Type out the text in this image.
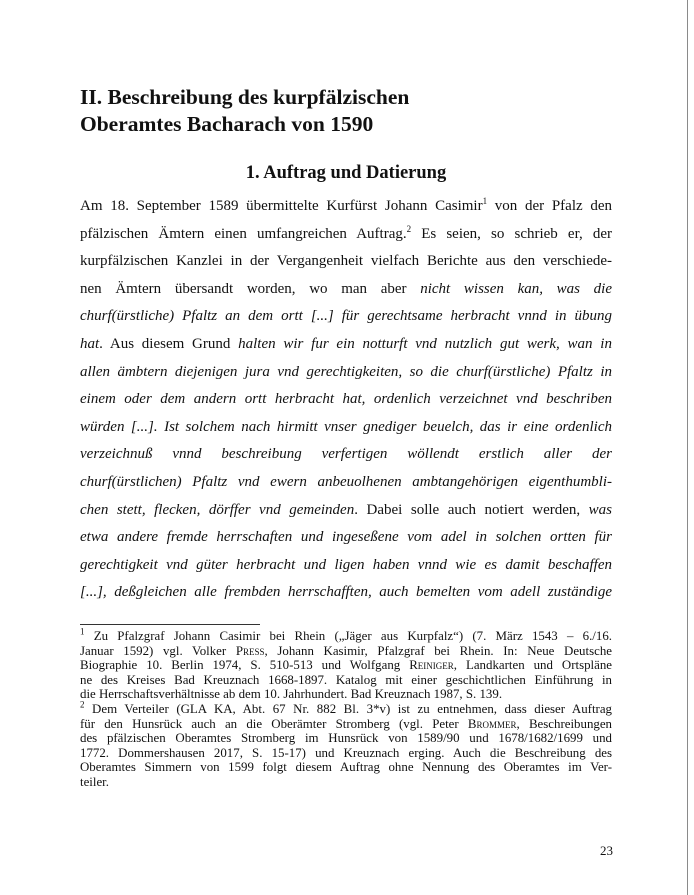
II. Beschreibung des kurpfälzischen
Oberamtes Bacharach von 1590
1. Auftrag und Datierung
Am 18. September 1589 übermittelte Kurfürst Johann Casimir$^1$ von der Pfalz den
pfälzischen Ämtern einen umfangreichen Auftrag.$^2$ Es seien, so schrieb er, der
kurpfälzischen Kanzlei in der Vergangenheit vielfach Berichte aus den verschiede-
nen Ämtern übersandt worden, wo man aber nicht wissen kan, was die
churf(ürstliche) Pfaltz an dem ortt [...] für gerechtsame herbracht vnnd in übung
hat. Aus diesem Grund halten wir fur ein notturft vnd nutzlich gut werk, wan in
allen ämbtern diejenigen jura vnd gerechtigkeiten, so die churf(ürstliche) Pfaltz in
einem oder dem andern ortt herbracht hat, ordenlich verzeichnet vnd beschriben
würden [...]. Ist solchem nach hirmitt vnser gnediger beuelch, das ir eine ordenlich
verzeichnuß vnnd beschreibung verfertigen wöllendt erstlich aller der
churf(ürstlichen) Pfaltz vnd ewern anbeuolhenen ambtangehörigen eigenthumbli-
chen stett, flecken, dörffer vnd gemeinden. Dabei solle auch notiert werden, was
etwa andere fremde herrschaften und ingeseßene vom adel in solchen ortten für
gerechtigkeit vnd güter herbracht und ligen haben vnnd wie es damit beschaffen
[...], deßgleichen alle frembden herrschafften, auch bemelten vom adell zuständige
$^1$ Zu Pfalzgraf Johann Casimir bei Rhein („Jäger aus Kurpfalz“) (7. März 1543 – 6./16.
Januar 1592) vgl. Volker Press, Johann Kasimir, Pfalzgraf bei Rhein. In: Neue Deutsche
Biographie 10. Berlin 1974, S. 510-513 und Wolfgang Reiniger, Landkarten und Ortspläne
ne des Kreises Bad Kreuznach 1668-1897. Katalog mit einer geschichtlichen Einführung in
die Herrschaftsverhältnisse ab dem 10. Jahrhundert. Bad Kreuznach 1987, S. 139.
$^2$ Dem Verteiler (GLA KA, Abt. 67 Nr. 882 Bl. 3*v) ist zu entnehmen, dass dieser Auftrag
für den Hunsrück auch an die Oberämter Stromberg (vgl. Peter Brommer, Beschreibungen
des pfälzischen Oberamtes Stromberg im Hunsrück von 1589/90 und 1678/1682/1699 und
1772. Dommershausen 2017, S. 15-17) und Kreuznach erging. Auch die Beschreibung des
Oberamtes Simmern von 1599 folgt diesem Auftrag ohne Nennung des Oberamtes im Ver-
teiler.
23
